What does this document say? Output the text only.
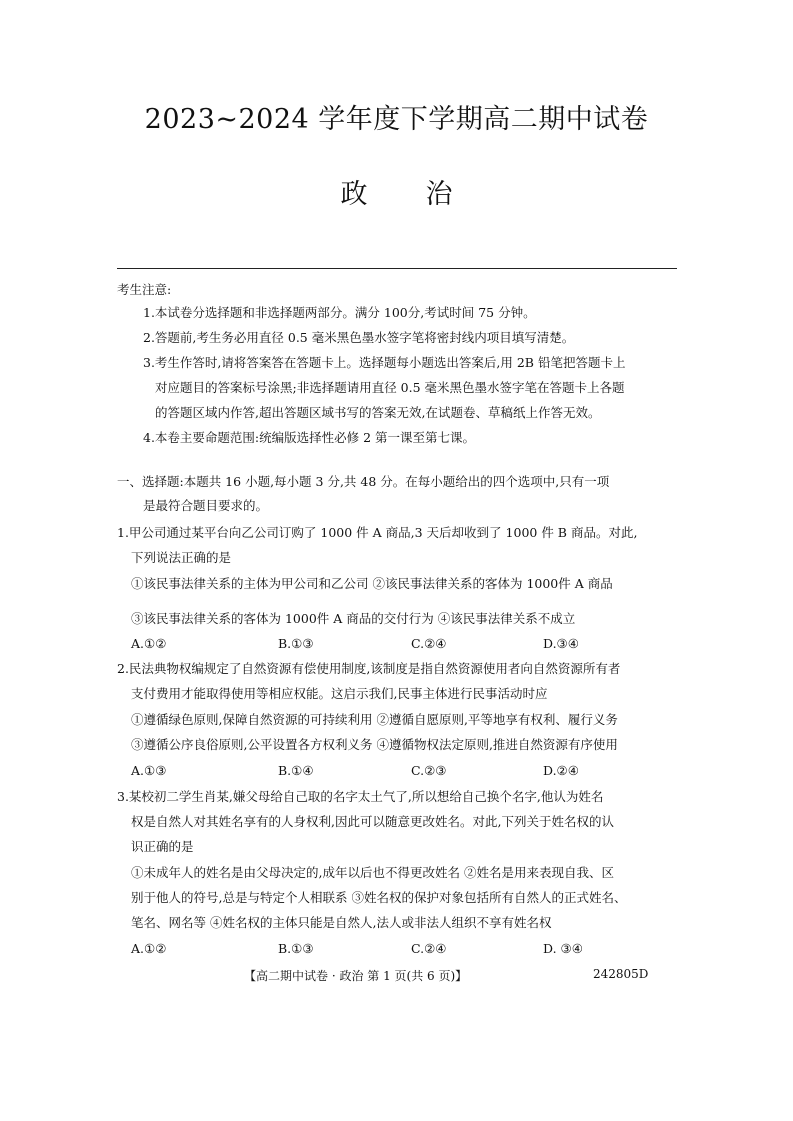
2023~2024 学年度下学期高二期中试卷
政治
考生注意:
1.本试卷分选择题和非选择题两部分。满分 100分,考试时间 75 分钟。
2.答题前,考生务必用直径 0.5 毫米黑色墨水签字笔将密封线内项目填写清楚。
3.考生作答时,请将答案答在答题卡上。选择题每小题选出答案后,用 2B 铅笔把答题卡上
对应题目的答案标号涂黑;非选择题请用直径 0.5 毫米黑色墨水签字笔在答题卡上各题
的答题区域内作答,超出答题区域书写的答案无效,在试题卷、草稿纸上作答无效。
4.本卷主要命题范围:统编版选择性必修 2 第一课至第七课。
一、选择题:本题共 16 小题,每小题 3 分,共 48 分。在每小题给出的四个选项中,只有一项
是最符合题目要求的。
1.甲公司通过某平台向乙公司订购了 1000 件 A 商品,3 天后却收到了 1000 件 B 商品。对此,
下列说法正确的是
①该民事法律关系的主体为甲公司和乙公司 ②该民事法律关系的客体为 1000件 A 商品
③该民事法律关系的客体为 1000件 A 商品的交付行为 ④该民事法律关系不成立
A.①②	B.①③	C.②④	D.③④
2.民法典物权编规定了自然资源有偿使用制度,该制度是指自然资源使用者向自然资源所有者
支付费用才能取得使用等相应权能。这启示我们,民事主体进行民事活动时应
①遵循绿色原则,保障自然资源的可持续利用 ②遵循自愿原则,平等地享有权利、履行义务
③遵循公序良俗原则,公平设置各方权利义务 ④遵循物权法定原则,推进自然资源有序使用
A.①③	B.①④	C.②③	D.②④
3.某校初二学生肖某,嫌父母给自己取的名字太土气了,所以想给自己换个名字,他认为姓名
权是自然人对其姓名享有的人身权利,因此可以随意更改姓名。对此,下列关于姓名权的认
识正确的是
①未成年人的姓名是由父母决定的,成年以后也不得更改姓名 ②姓名是用来表现自我、区
别于他人的符号,总是与特定个人相联系 ③姓名权的保护对象包括所有自然人的正式姓名、
笔名、网名等 ④姓名权的主体只能是自然人,法人或非法人组织不享有姓名权
A.①②	B.①③	C.②④	D. ③④
【高二期中试卷 · 政治 第 1 页(共 6 页)】	242805D
